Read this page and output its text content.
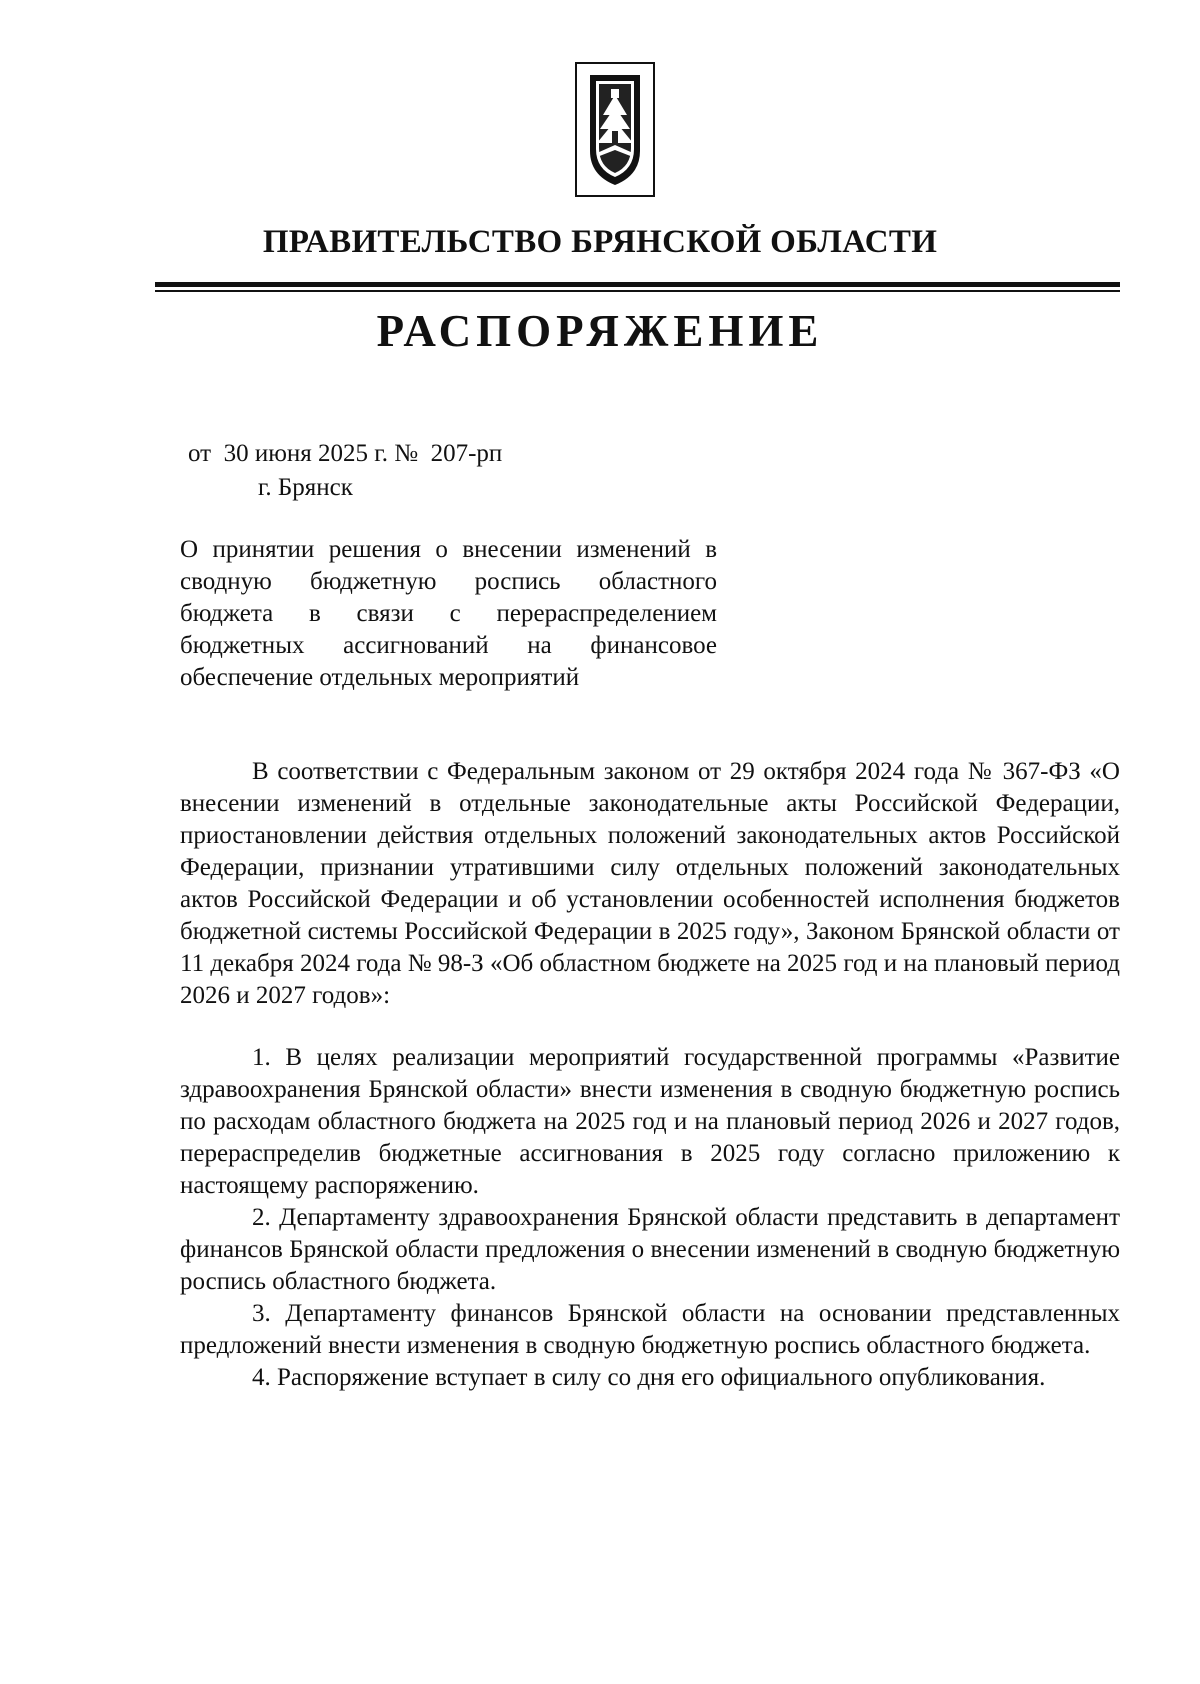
ПРАВИТЕЛЬСТВО БРЯНСКОЙ ОБЛАСТИ
РАСПОРЯЖЕНИЕ
от  30 июня 2025 г. №  207-рп
г. Брянск
О принятии решения о внесении изменений в сводную бюджетную роспись областного бюджета в связи с перераспределением бюджетных ассигнований на финансовое обеспечение отдельных мероприятий

В соответствии с Федеральным законом от 29 октября 2024 года № 367-ФЗ «О внесении изменений в отдельные законодательные акты Российской Федерации, приостановлении действия отдельных положений законодательных актов Российской Федерации, признании утратившими силу отдельных положений законодательных актов Российской Федерации и об установлении особенностей исполнения бюджетов бюджетной системы Российской Федерации в 2025 году», Законом Брянской области от 11 декабря 2024 года № 98-З «Об областном бюджете на 2025 год и на плановый период 2026 и 2027 годов»:

1. В целях реализации мероприятий государственной программы «Развитие здравоохранения Брянской области» внести изменения в сводную бюджетную роспись по расходам областного бюджета на 2025 год и на плановый период 2026 и 2027 годов, перераспределив бюджетные ассигнования в 2025 году согласно приложению к настоящему распоряжению.

2. Департаменту здравоохранения Брянской области представить в департамент финансов Брянской области предложения о внесении изменений в сводную бюджетную роспись областного бюджета.

3. Департаменту финансов Брянской области на основании представленных предложений внести изменения в сводную бюджетную роспись областного бюджета.

4. Распоряжение вступает в силу со дня его официального опубликования.
